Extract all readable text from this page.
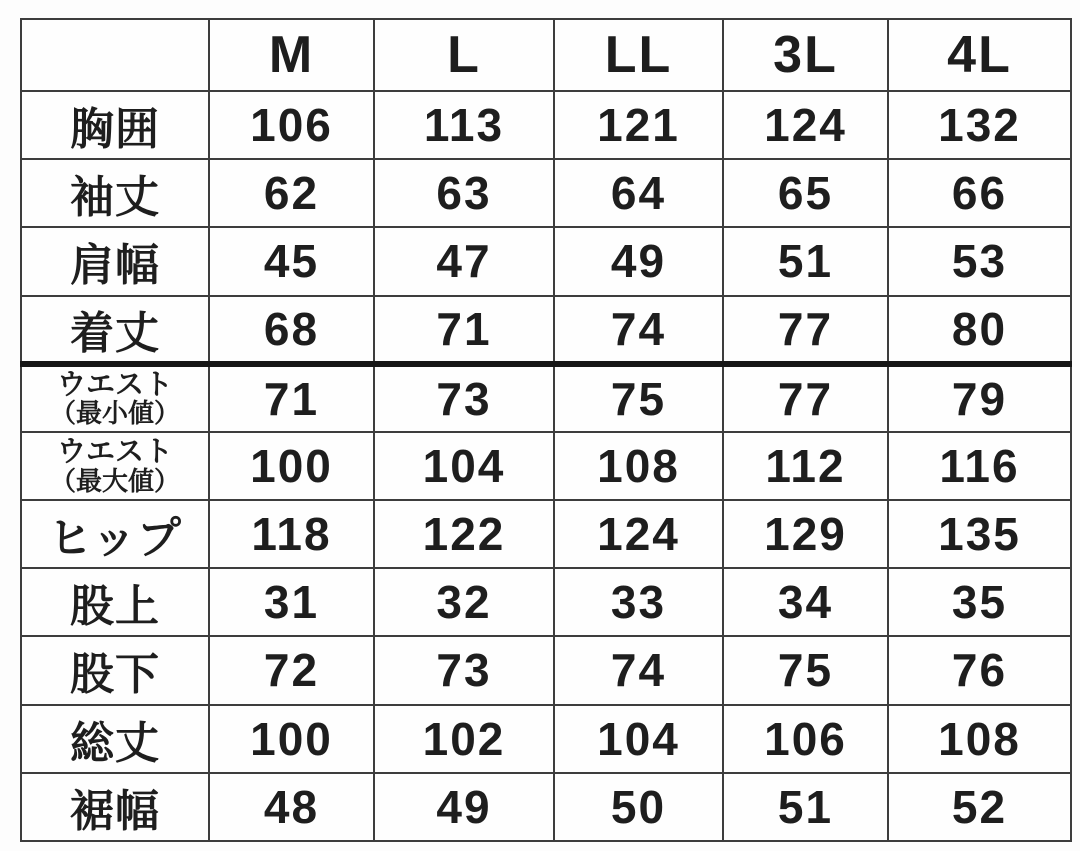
	M	L	LL	3L	4L
胸囲	106	113	121	124	132
袖丈	62	63	64	65	66
肩幅	45	47	49	51	53
着丈	68	71	74	77	80
ウエスト
（最小値）	71	73	75	77	79
ウエスト
（最大値）	100	104	108	112	116
ヒップ	118	122	124	129	135
股上	31	32	33	34	35
股下	72	73	74	75	76
総丈	100	102	104	106	108
裾幅	48	49	50	51	52
